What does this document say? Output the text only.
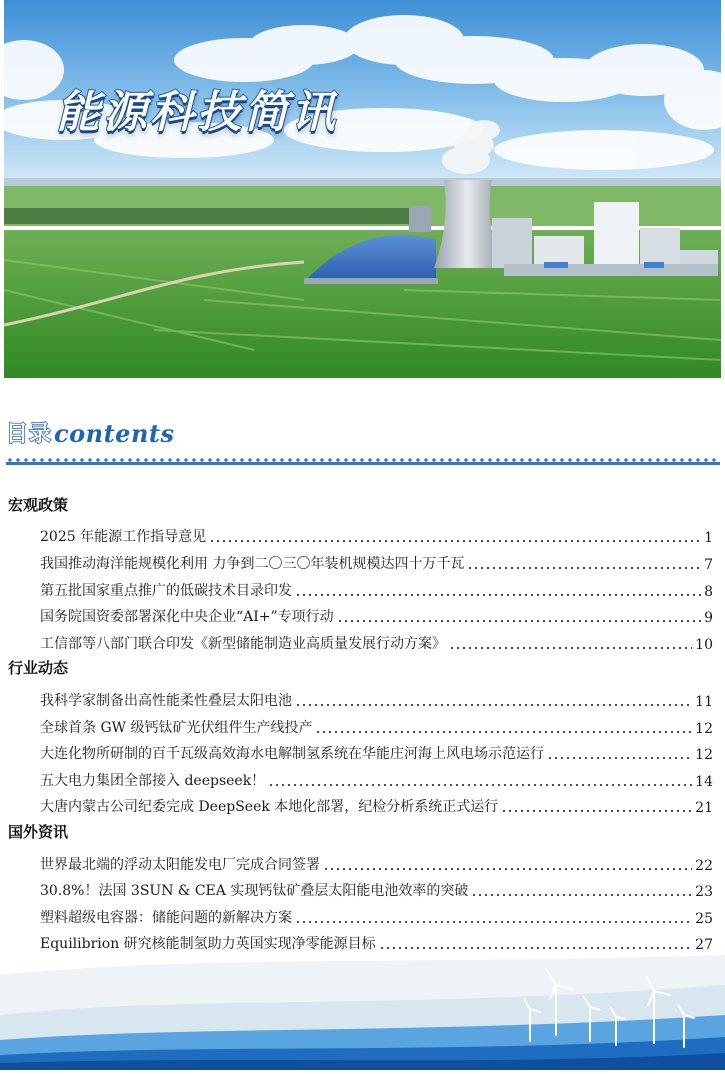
能源科技简讯
目录 contents
宏观政策
2025 年能源工作指导意见	1
我国推动海洋能规模化利用 力争到二〇三〇年装机规模达四十万千瓦	7
第五批国家重点推广的低碳技术目录印发	8
国务院国资委部署深化中央企业“AI+”专项行动	9
工信部等八部门联合印发《新型储能制造业高质量发展行动方案》	10
行业动态
我科学家制备出高性能柔性叠层太阳电池	11
全球首条 GW 级钙钛矿光伏组件生产线投产	12
大连化物所研制的百千瓦级高效海水电解制氢系统在华能庄河海上风电场示范运行	12
五大电力集团全部接入 deepseek！	14
大唐内蒙古公司纪委完成 DeepSeek 本地化部署，纪检分析系统正式运行	21
国外资讯
世界最北端的浮动太阳能发电厂完成合同签署	22
30.8%！法国 3SUN & CEA 实现钙钛矿叠层太阳能电池效率的突破	23
塑料超级电容器：储能问题的新解决方案	25
Equilibrion 研究核能制氢助力英国实现净零能源目标	27
